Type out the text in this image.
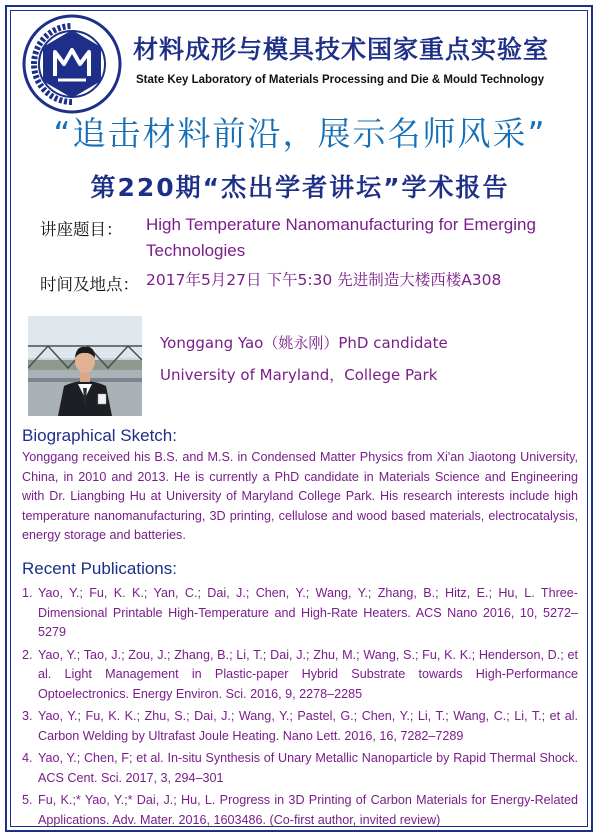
材料成形与模具技术国家重点实验室
State Key Laboratory of Materials Processing and Die & Mould Technology
“追击材料前沿，展示名师风采”
第220期“杰出学者讲坛”学术报告
讲座题目： High Temperature Nanomanufacturing for Emerging
Technologies
时间及地点： 2017年5月27日 下午5:30 先进制造大楼西楼A308
Yonggang Yao（姚永刚）PhD candidate
University of Maryland，College Park
Biographical Sketch:
Yonggang received his B.S. and M.S. in Condensed Matter Physics from Xi'an Jiaotong University, China, in 2010 and 2013. He is currently a PhD candidate in Materials Science and Engineering with Dr. Liangbing Hu at University of Maryland College Park. His research interests include high temperature nanomanufacturing, 3D printing, cellulose and wood based materials, electrocatalysis, energy storage and batteries.
Recent Publications:
1. Yao, Y.; Fu, K. K.; Yan, C.; Dai, J.; Chen, Y.; Wang, Y.; Zhang, B.; Hitz, E.; Hu, L. Three-Dimensional Printable High-Temperature and High-Rate Heaters. ACS Nano 2016, 10, 5272–5279
2. Yao, Y.; Tao, J.; Zou, J.; Zhang, B.; Li, T.; Dai, J.; Zhu, M.; Wang, S.; Fu, K. K.; Henderson, D.; et al. Light Management in Plastic-paper Hybrid Substrate towards High-Performance Optoelectronics. Energy Environ. Sci. 2016, 9, 2278–2285
3. Yao, Y.; Fu, K. K.; Zhu, S.; Dai, J.; Wang, Y.; Pastel, G.; Chen, Y.; Li, T.; Wang, C.; Li, T.; et al. Carbon Welding by Ultrafast Joule Heating. Nano Lett. 2016, 16, 7282–7289
4. Yao, Y.; Chen, F; et al. In-situ Synthesis of Unary Metallic Nanoparticle by Rapid Thermal Shock. ACS Cent. Sci. 2017, 3, 294–301
5. Fu, K.;* Yao, Y.;* Dai, J.; Hu, L. Progress in 3D Printing of Carbon Materials for Energy-Related Applications. Adv. Mater. 2016, 1603486. (Co-first author, invited review)
